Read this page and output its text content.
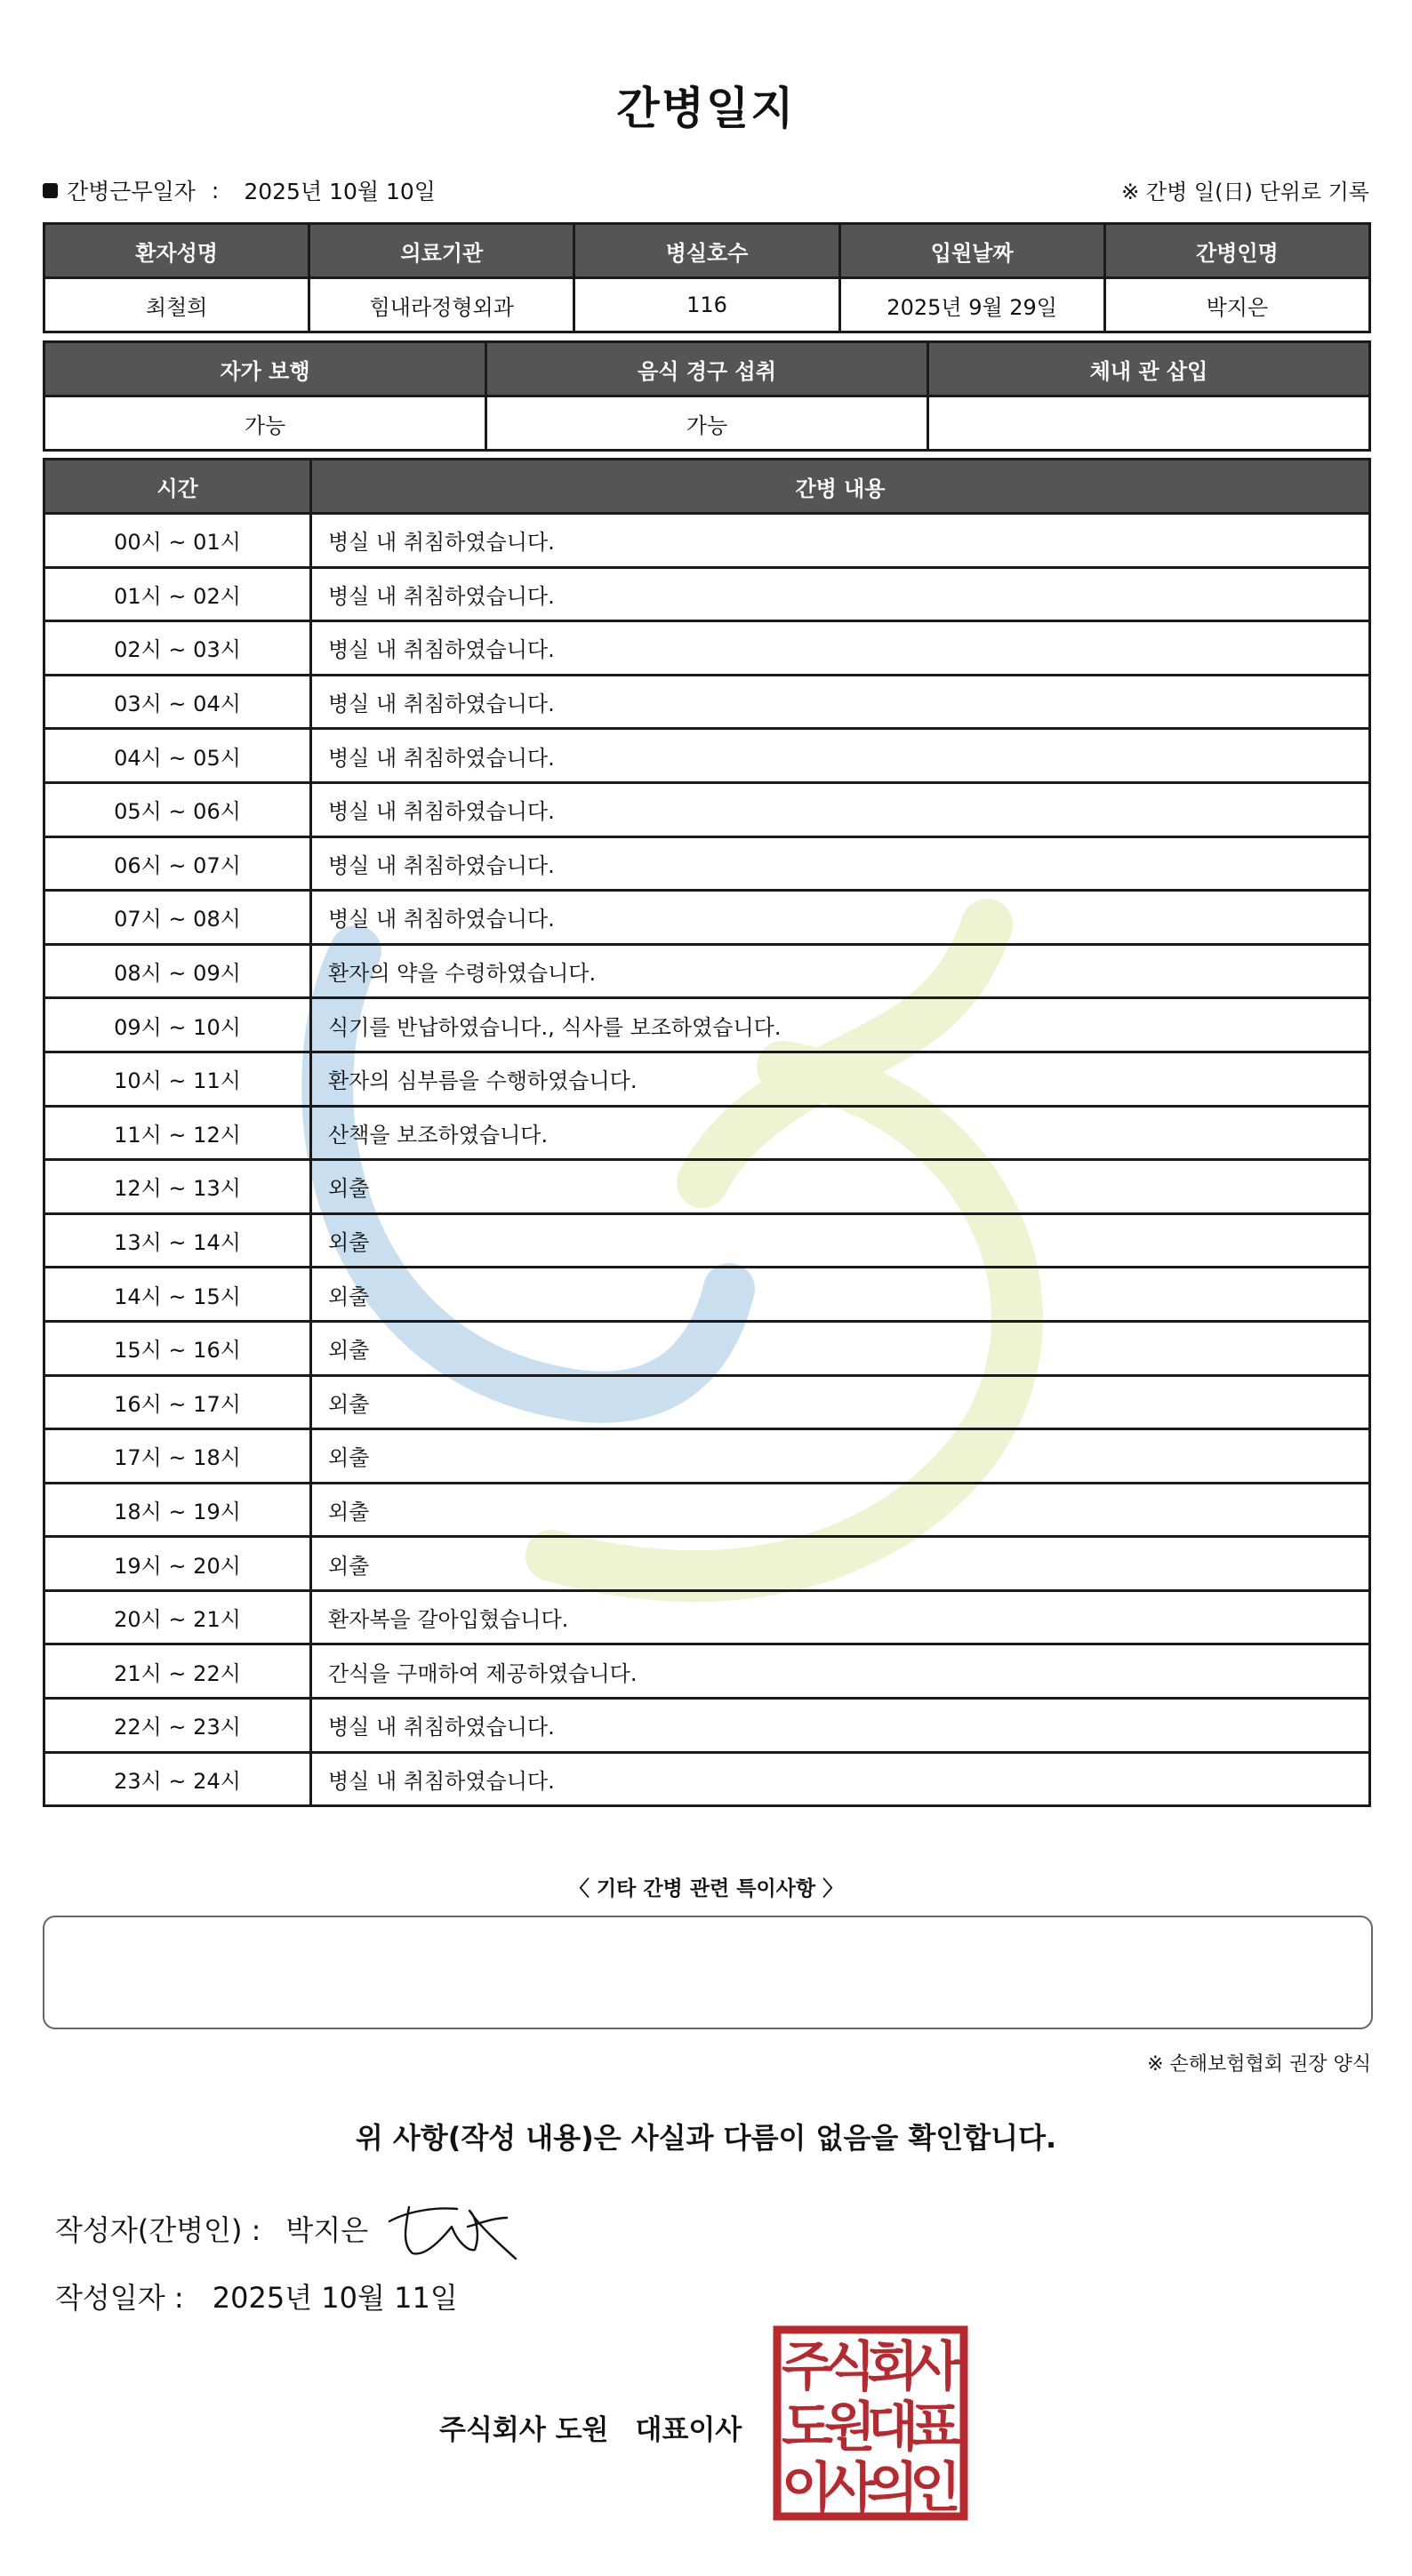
간병일지
간병근무일자 : 2025년 10월 10일	※ 간병 일(日) 단위로 기록
환자성명	의료기관	병실호수	입원날짜	간병인명
최철희	힘내라정형외과	116	2025년 9월 29일	박지은
자가 보행	음식 경구 섭취	체내 관 삽입
가능	가능	
시간	간병 내용
00시 ~ 01시	병실 내 취침하였습니다.
01시 ~ 02시	병실 내 취침하였습니다.
02시 ~ 03시	병실 내 취침하였습니다.
03시 ~ 04시	병실 내 취침하였습니다.
04시 ~ 05시	병실 내 취침하였습니다.
05시 ~ 06시	병실 내 취침하였습니다.
06시 ~ 07시	병실 내 취침하였습니다.
07시 ~ 08시	병실 내 취침하였습니다.
08시 ~ 09시	환자의 약을 수령하였습니다.
09시 ~ 10시	식기를 반납하였습니다., 식사를 보조하였습니다.
10시 ~ 11시	환자의 심부름을 수행하였습니다.
11시 ~ 12시	산책을 보조하였습니다.
12시 ~ 13시	외출
13시 ~ 14시	외출
14시 ~ 15시	외출
15시 ~ 16시	외출
16시 ~ 17시	외출
17시 ~ 18시	외출
18시 ~ 19시	외출
19시 ~ 20시	외출
20시 ~ 21시	환자복을 갈아입혔습니다.
21시 ~ 22시	간식을 구매하여 제공하였습니다.
22시 ~ 23시	병실 내 취침하였습니다.
23시 ~ 24시	병실 내 취침하였습니다.
〈 기타 간병 관련 특이사항 〉
※ 손해보험협회 권장 양식
위 사항(작성 내용)은 사실과 다름이 없음을 확인합니다.
작성자(간병인) : 박지은
작성일자 : 2025년 10월 11일
주식회사 도원 대표이사
주
식
회
사
도
원
대
표
이
사
의
인
